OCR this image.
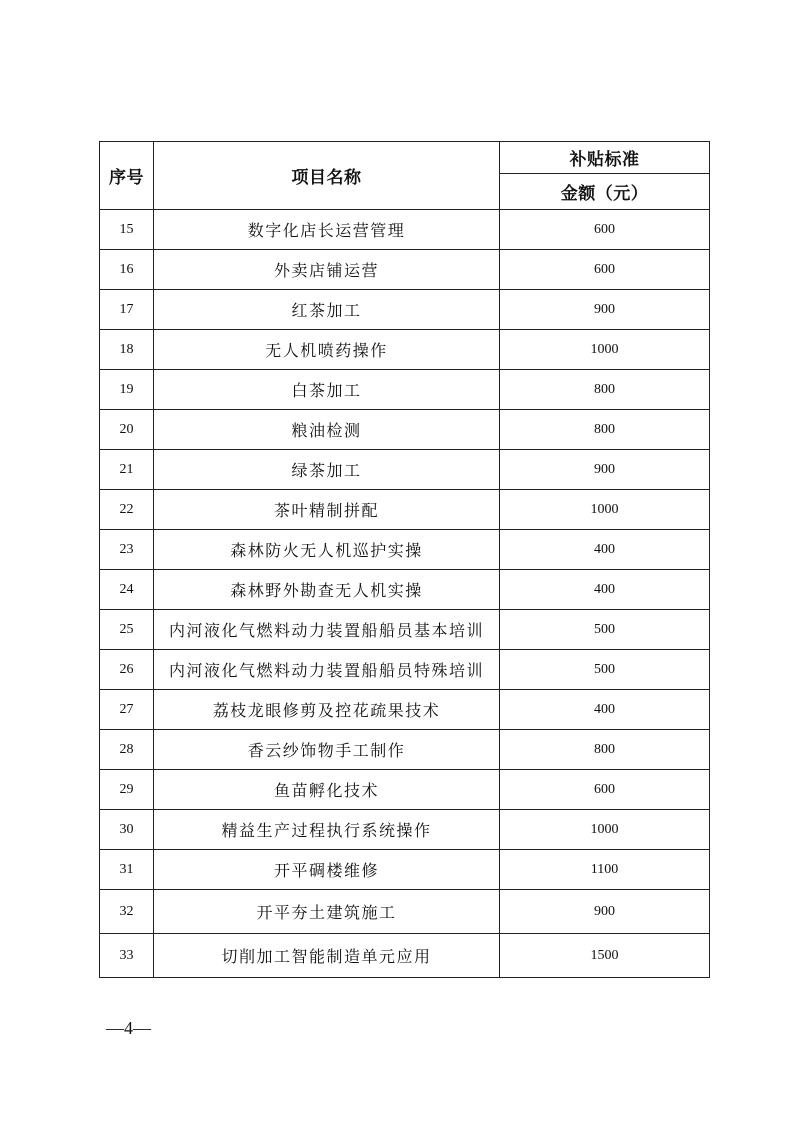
序号	项目名称	补贴标准
		金额（元）
15	数字化店长运营管理	600
16	外卖店铺运营	600
17	红茶加工	900
18	无人机喷药操作	1000
19	白茶加工	800
20	粮油检测	800
21	绿茶加工	900
22	茶叶精制拼配	1000
23	森林防火无人机巡护实操	400
24	森林野外勘查无人机实操	400
25	内河液化气燃料动力装置船船员基本培训	500
26	内河液化气燃料动力装置船船员特殊培训	500
27	荔枝龙眼修剪及控花疏果技术	400
28	香云纱饰物手工制作	800
29	鱼苗孵化技术	600
30	精益生产过程执行系统操作	1000
31	开平碉楼维修	1100
32	开平夯土建筑施工	900
33	切削加工智能制造单元应用	1500
—4—
